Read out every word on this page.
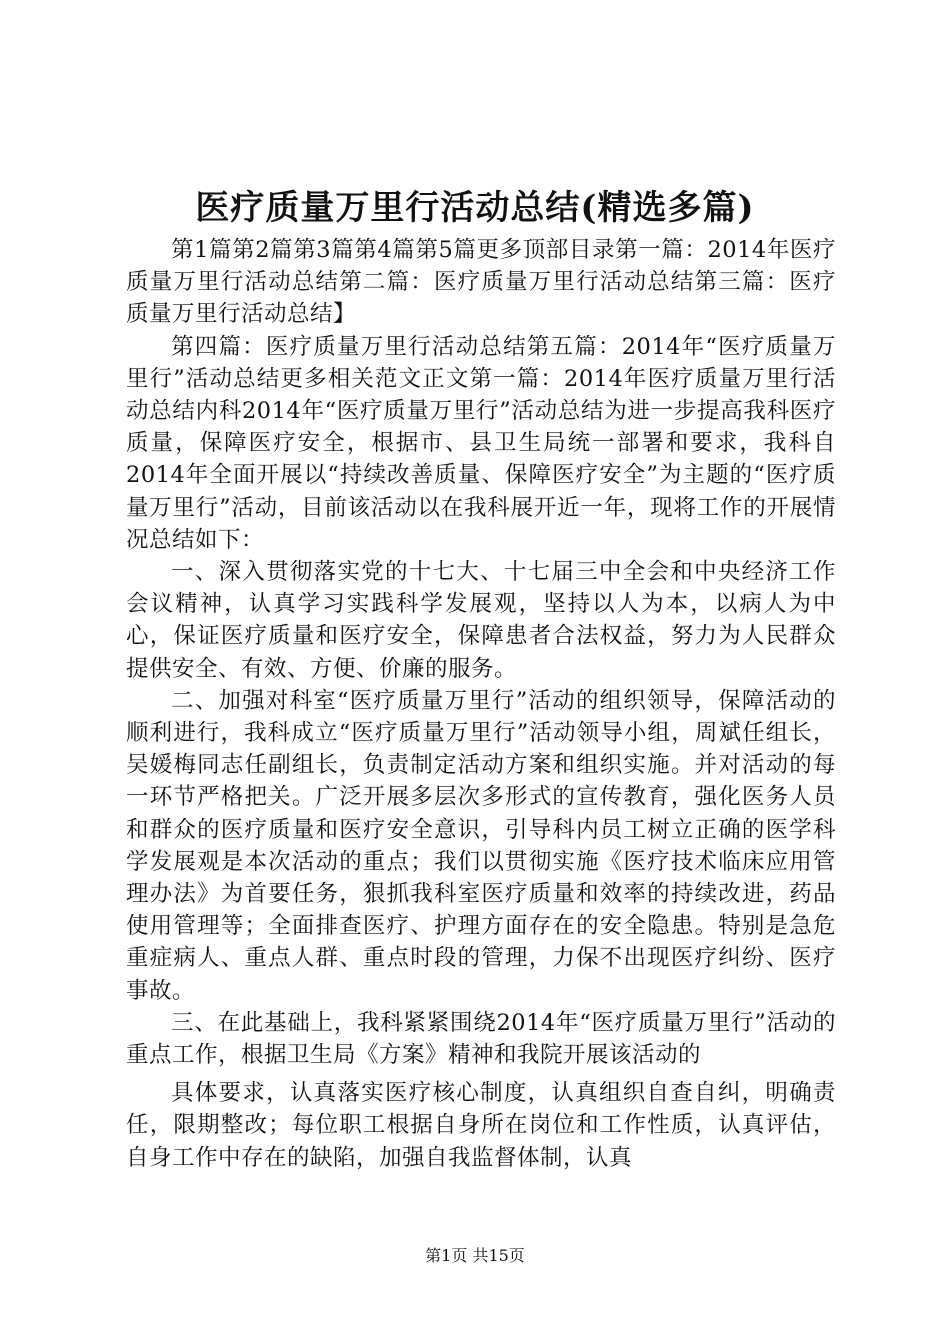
医疗质量万里行活动总结(精选多篇)

第1篇第2篇第3篇第4篇第5篇更多顶部目录第一篇：2014年医疗质量万里行活动总结第二篇：医疗质量万里行活动总结第三篇：医疗质量万里行活动总结】

第四篇：医疗质量万里行活动总结第五篇：2014年“医疗质量万里行”活动总结更多相关范文正文第一篇：2014年医疗质量万里行活动总结内科2014年“医疗质量万里行”活动总结为进一步提高我科医疗质量，保障医疗安全，根据市、县卫生局统一部署和要求，我科自2014年全面开展以“持续改善质量、保障医疗安全”为主题的“医疗质量万里行”活动，目前该活动以在我科展开近一年，现将工作的开展情况总结如下：

一、深入贯彻落实党的十七大、十七届三中全会和中央经济工作会议精神，认真学习实践科学发展观，坚持以人为本，以病人为中心，保证医疗质量和医疗安全，保障患者合法权益，努力为人民群众提供安全、有效、方便、价廉的服务。

二、加强对科室“医疗质量万里行”活动的组织领导，保障活动的顺利进行，我科成立“医疗质量万里行”活动领导小组，周斌任组长，吴媛梅同志任副组长，负责制定活动方案和组织实施。并对活动的每一环节严格把关。广泛开展多层次多形式的宣传教育，强化医务人员和群众的医疗质量和医疗安全意识，引导科内员工树立正确的医学科学发展观是本次活动的重点；我们以贯彻实施《医疗技术临床应用管理办法》为首要任务，狠抓我科室医疗质量和效率的持续改进，药品使用管理等；全面排查医疗、护理方面存在的安全隐患。特别是急危重症病人、重点人群、重点时段的管理，力保不出现医疗纠纷、医疗事故。

三、在此基础上，我科紧紧围绕2014年“医疗质量万里行”活动的重点工作，根据卫生局《方案》精神和我院开展该活动的

具体要求，认真落实医疗核心制度，认真组织自查自纠，明确责任，限期整改；每位职工根据自身所在岗位和工作性质，认真评估，自身工作中存在的缺陷，加强自我监督体制，认真

第1页 共15页
